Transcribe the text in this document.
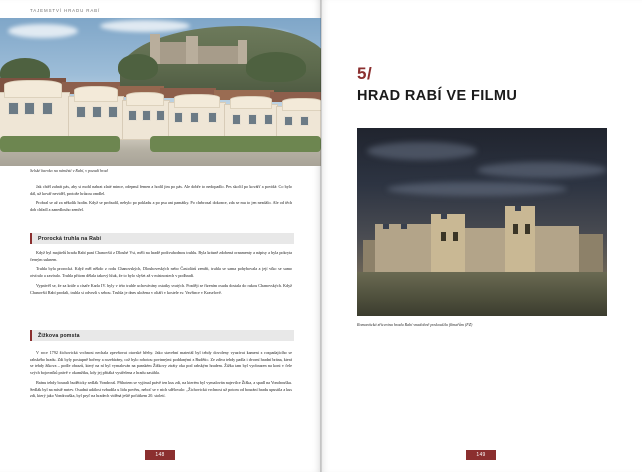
TAJEMSTVÍ HRADU RABÍ
Selské baroko na náměstí v Rabí, v pozadí hrad

Jak chtěl zahrát pás, aby si mohl nabrat zlaté mince, odepnul řemen a hodil jim po pás. Ale dobře to nedopadlo. Pes skočil po kovářť a povídá: Co bylo dál, už kovář neviděl, protože hrůzou omdlel.

Probral se až za několik hodin. Když se probudil, nebylo po pokladu a po psu ani památky. Po chrbrosal dokonce, zda se mu to jen nezdálo. Ale od těch dob chřadl a zanedlouho zemřel.

Prorocká truhla na Rabí

Když byl majitelů hradu Rabí paní Chanovští z Dlouhé Vsi, měli na hradě podivuhodnou truhlu. Byla krásně zdobená ornamenty a nápisy a byla pokryta černým suknem.

Truhla byla prorocká. Když měl někdo z rodu Chanovských, Dlouhoveských nebo Častolárů zemřít, truhla se sama pohybovala a její víko se samo otvíralo a zavíralo. Truhla přitom dělala takový hluk, že to bylo slyšet až v místnostech v podhradí.

Vyprávěl se, že za krále a císaře Karla IV. byly v této truhle uchovávány ostatky svatých. Později se řízením osudu dostala do rukou Chanovských. Když Chanovští Rabí prodali, truhla si odvezli s sebou. Truhla je dnes uložena v oltáři v kostele sv. Vavřince v Kraselově.

Žižkova pomsta

V roce 1792 žichovická vrchnost nechala zpevňovat otavské břehy. Jako stavební materiál byl tehdy dovoleny vyuzívat kameni z rozpadajícího se rabského hradu. Zdi byly postupně bořeny a rozebírány, což bylo robotou povinnými poddanými z Budětic. Ze zdiva tehdy padla i dvorní hradní brána, která se tehdy žíkova – podle obrazů, který na ní byl vymalován na panském Žižkovy ztráty oka pod rabským hradem. Žižka tam byl vyobrazen na koni v čele svých bojovníků právě v okamžiku, kdy jej přitáká vystřelena z hradu zasáhla.

Bránu tehdy bourali buděticky sedlák Vondrouš. Přihotem se vyjímal právě ten kus zdi, na kterém byl vymalován najevilce Žižka, a spadl na Vondroušku. Sedlák byl na místě mrtev. Osudná událost vzbudila u lidu pověru, neboť se v nich sdělovalo: „Žichovická vrchnost už potom od bourání hradu upustila a kus zdi, který jako Vondrouška, byl pryč na hradech viděná ještě počátkem 20. století.

148
5/
HRAD RABÍ VE FILMU
Romantická zřícenina hradu Rabí vnadobně poskoušila filmařům (FZ)
149
